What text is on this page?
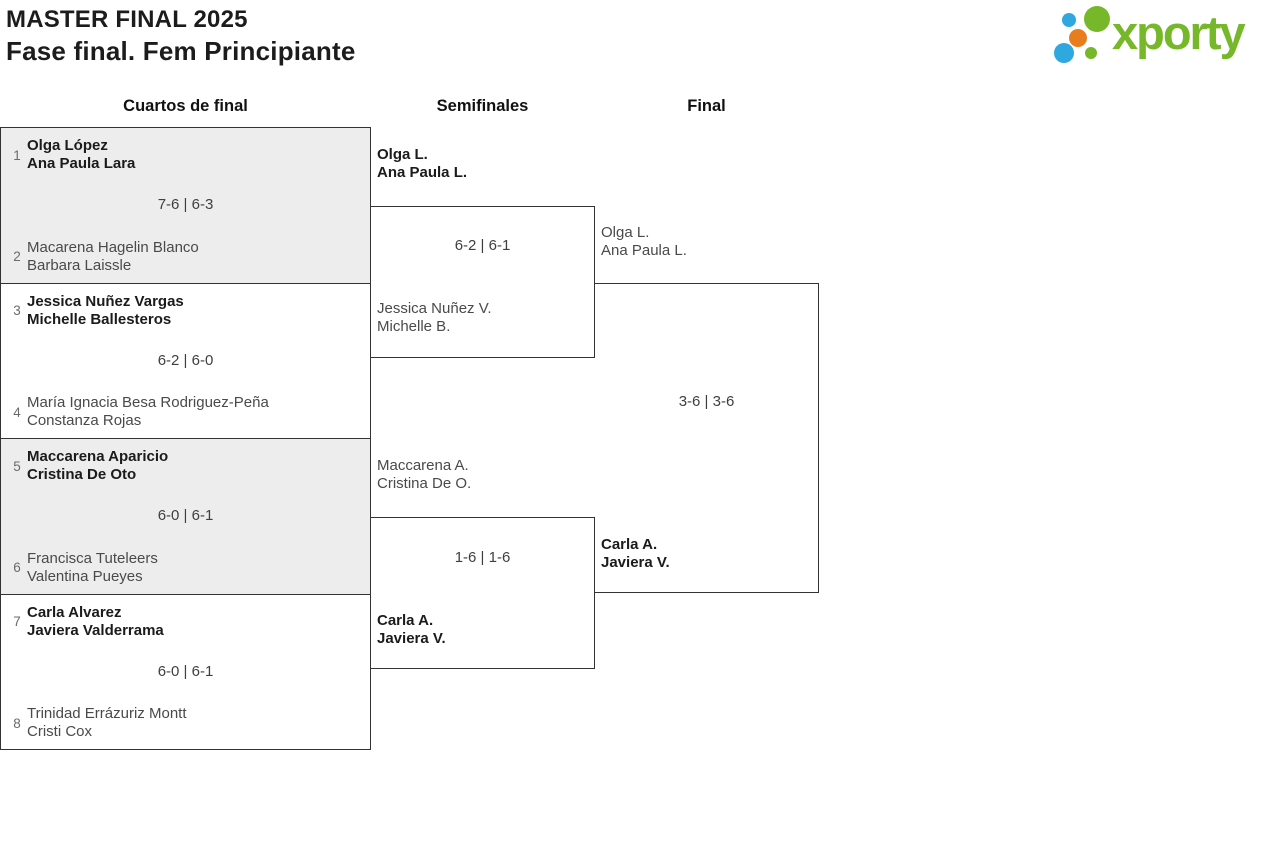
MASTER FINAL 2025
Fase final. Fem Principiante	xporty
Cuartos de final	Semifinales	Final
1
Olga López
Ana Paula Lara
7-6 | 6-3
2
Macarena Hagelin Blanco
Barbara Laissle
3
Jessica Nuñez Vargas
Michelle Ballesteros
6-2 | 6-0
4
María Ignacia Besa Rodriguez-Peña
Constanza Rojas
5
Maccarena Aparicio
Cristina De Oto
6-0 | 6-1
6
Francisca Tuteleers
Valentina Pueyes
7
Carla Alvarez
Javiera Valderrama
6-0 | 6-1
8
Trinidad Errázuriz Montt
Cristi Cox
Olga L.
Ana Paula L.
6-2 | 6-1
Jessica Nuñez V.
Michelle B.
Maccarena A.
Cristina De O.
1-6 | 1-6
Carla A.
Javiera V.
Olga L.
Ana Paula L.
3-6 | 3-6
Carla A.
Javiera V.
